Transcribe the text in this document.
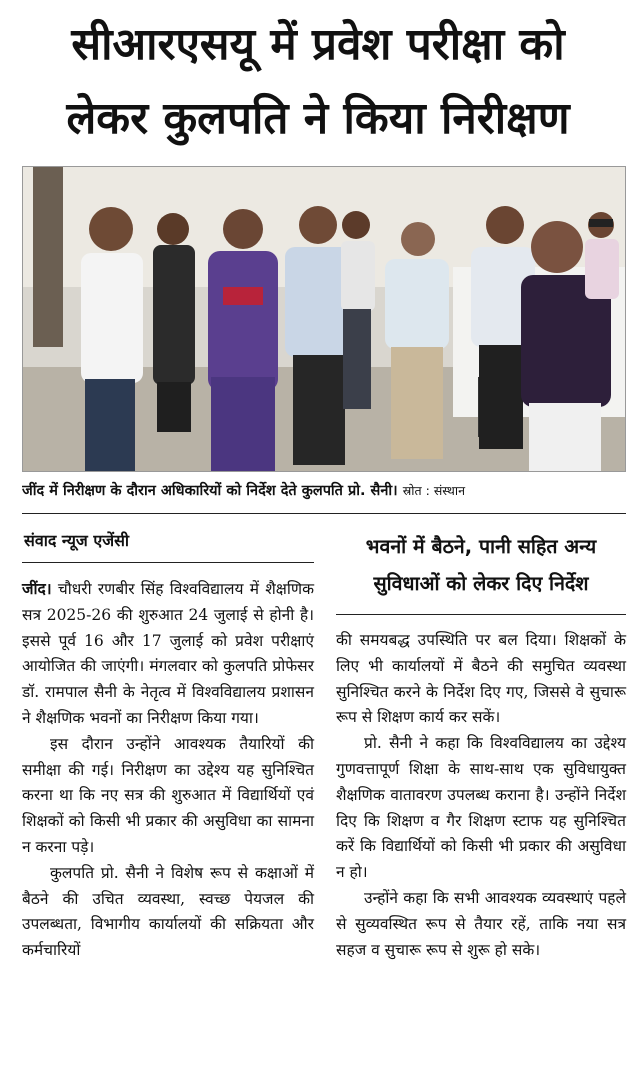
सीआरएसयू में प्रवेश परीक्षा को
लेकर कुलपति ने किया निरीक्षण
जींद में निरीक्षण के दौरान अधिकारियों को निर्देश देते कुलपति प्रो. सैनी। स्रोत : संस्थान
संवाद न्यूज एजेंसी	भवनों में बैठने, पानी सहित अन्य
सुविधाओं को लेकर दिए निर्देश

जींद। चौधरी रणबीर सिंह विश्वविद्यालय में शैक्षणिक सत्र 2025-26 की शुरुआत 24 जुलाई से होनी है। इससे पूर्व 16 और 17 जुलाई को प्रवेश परीक्षाएं आयोजित की जाएंगी। मंगलवार को कुलपति प्रोफेसर डॉ. रामपाल सैनी के नेतृत्व में विश्वविद्यालय प्रशासन ने शैक्षणिक भवनों का निरीक्षण किया गया।

इस दौरान उन्होंने आवश्यक तैयारियों की समीक्षा की गई। निरीक्षण का उद्देश्य यह सुनिश्चित करना था कि नए सत्र की शुरुआत में विद्यार्थियों एवं शिक्षकों को किसी भी प्रकार की असुविधा का सामना न करना पड़े।

कुलपति प्रो. सैनी ने विशेष रूप से कक्षाओं में बैठने की उचित व्यवस्था, स्वच्छ पेयजल की उपलब्धता, विभागीय कार्यालयों की सक्रियता और कर्मचारियों

की समयबद्ध उपस्थिति पर बल दिया। शिक्षकों के लिए भी कार्यालयों में बैठने की समुचित व्यवस्था सुनिश्चित करने के निर्देश दिए गए, जिससे वे सुचारू रूप से शिक्षण कार्य कर सकें।

प्रो. सैनी ने कहा कि विश्वविद्यालय का उद्देश्य गुणवत्तापूर्ण शिक्षा के साथ-साथ एक सुविधायुक्त शैक्षणिक वातावरण उपलब्ध कराना है। उन्होंने निर्देश दिए कि शिक्षण व गैर शिक्षण स्टाफ यह सुनिश्चित करें कि विद्यार्थियों को किसी भी प्रकार की असुविधा न हो।

उन्होंने कहा कि सभी आवश्यक व्यवस्थाएं पहले से सुव्यवस्थित रूप से तैयार रहें, ताकि नया सत्र सहज व सुचारू रूप से शुरू हो सके।
